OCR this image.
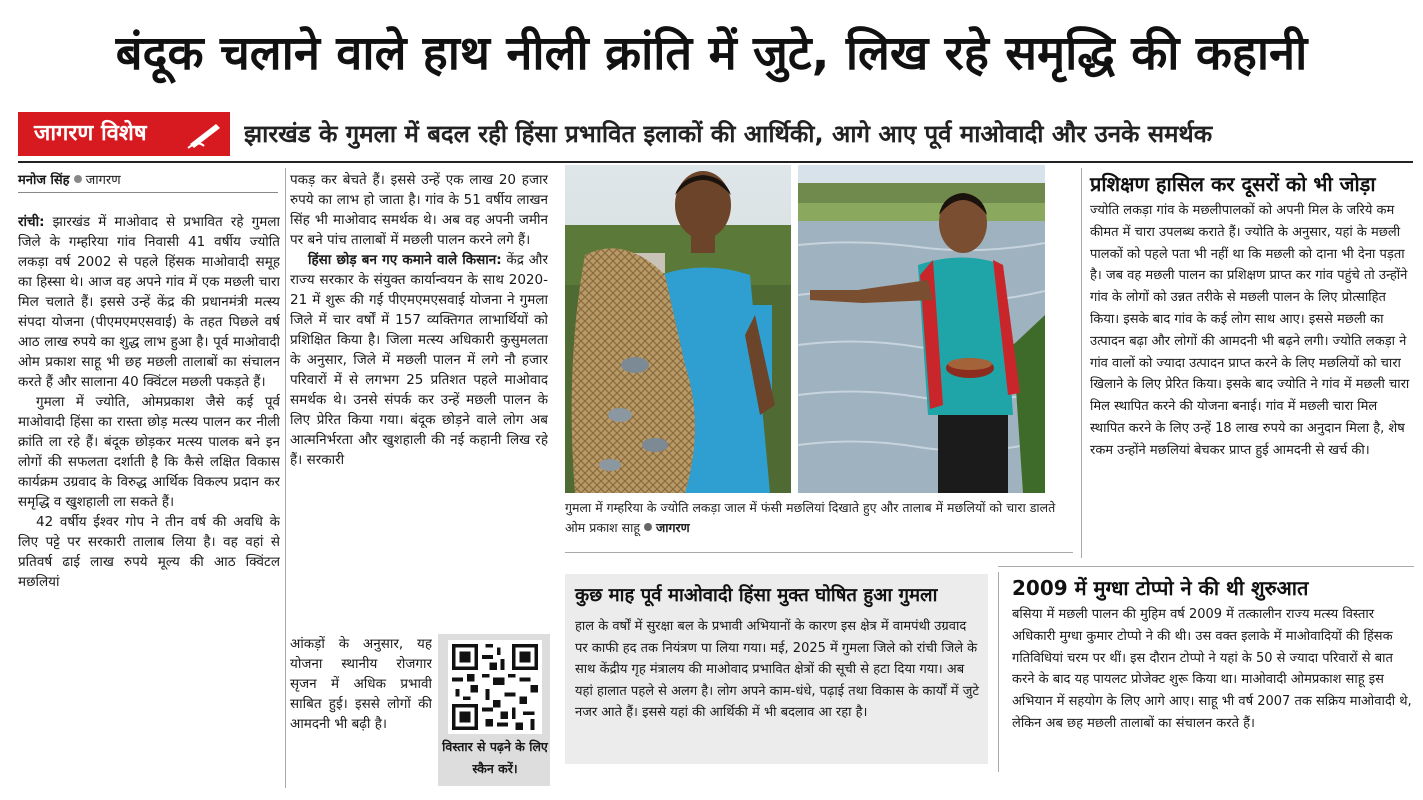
बंदूक चलाने वाले हाथ नीली क्रांति में जुटे, लिख रहे समृद्धि की कहानी
जागरण विशेष	झारखंड के गुमला में बदल रही हिंसा प्रभावित इलाकों की आर्थिकी, आगे आए पूर्व माओवादी और उनके समर्थक
मनोज सिंह जागरण

रांची: झारखंड में माओवाद से प्रभावित रहे गुमला जिले के गम्हरिया गांव निवासी 41 वर्षीय ज्योति लकड़ा वर्ष 2002 से पहले हिंसक माओवादी समूह का हिस्सा थे। आज वह अपने गांव में एक मछली चारा मिल चलाते हैं। इससे उन्हें केंद्र की प्रधानमंत्री मत्स्य संपदा योजना (पीएमएमएसवाई) के तहत पिछले वर्ष आठ लाख रुपये का शुद्ध लाभ हुआ है। पूर्व माओवादी ओम प्रकाश साहू भी छह मछली तालाबों का संचालन करते हैं और सालाना 40 क्विंटल मछली पकड़ते हैं।

गुमला में ज्योति, ओमप्रकाश जैसे कई पूर्व माओवादी हिंसा का रास्ता छोड़ मत्स्य पालन कर नीली क्रांति ला रहे हैं। बंदूक छोड़कर मत्स्य पालक बने इन लोगों की सफलता दर्शाती है कि कैसे लक्षित विकास कार्यक्रम उग्रवाद के विरुद्ध आर्थिक विकल्प प्रदान कर समृद्धि व खुशहाली ला सकते हैं।

42 वर्षीय ईश्वर गोप ने तीन वर्ष की अवधि के लिए पट्टे पर सरकारी तालाब लिया है। वह वहां से प्रतिवर्ष ढाई लाख रुपये मूल्य की आठ क्विंटल मछलियां

पकड़ कर बेचते हैं। इससे उन्हें एक लाख 20 हजार रुपये का लाभ हो जाता है। गांव के 51 वर्षीय लाखन सिंह भी माओवाद समर्थक थे। अब वह अपनी जमीन पर बने पांच तालाबों में मछली पालन करने लगे हैं।

हिंसा छोड़ बन गए कमाने वाले किसान: केंद्र और राज्य सरकार के संयुक्त कार्यान्वयन के साथ 2020-21 में शुरू की गई पीएमएमएसवाई योजना ने गुमला जिले में चार वर्षों में 157 व्यक्तिगत लाभार्थियों को प्रशिक्षित किया है। जिला मत्स्य अधिकारी कुसुमलता के अनुसार, जिले में मछली पालन में लगे नौ हजार परिवारों में से लगभग 25 प्रतिशत पहले माओवाद समर्थक थे। उनसे संपर्क कर उन्हें मछली पालन के लिए प्रेरित किया गया। बंदूक छोड़ने वाले लोग अब आत्मनिर्भरता और खुशहाली की नई कहानी लिख रहे हैं। सरकारी

आंकड़ों के अनुसार, यह योजना स्थानीय रोजगार सृजन में अधिक प्रभावी साबित हुई। इससे लोगों की आमदनी भी बढ़ी है।

विस्तार से पढ़ने के लिए स्कैन करें।
गुमला में गम्हरिया के ज्योति लकड़ा जाल में फंसी मछलियां दिखाते हुए और तालाब में मछलियों को चारा डालते ओम प्रकाश साहू जागरण
कुछ माह पूर्व माओवादी हिंसा मुक्त घोषित हुआ गुमला
हाल के वर्षों में सुरक्षा बल के प्रभावी अभियानों के कारण इस क्षेत्र में वामपंथी उग्रवाद पर काफी हद तक नियंत्रण पा लिया गया। मई, 2025 में गुमला जिले को रांची जिले के साथ केंद्रीय गृह मंत्रालय की माओवाद प्रभावित क्षेत्रों की सूची से हटा दिया गया। अब यहां हालात पहले से अलग है। लोग अपने काम-धंधे, पढ़ाई तथा विकास के कार्यों में जुटे नजर आते हैं। इससे यहां की आर्थिकी में भी बदलाव आ रहा है।
प्रशिक्षण हासिल कर दूसरों को भी जोड़ा
ज्योति लकड़ा गांव के मछलीपालकों को अपनी मिल के जरिये कम कीमत में चारा उपलब्ध कराते हैं। ज्योति के अनुसार, यहां के मछली पालकों को पहले पता भी नहीं था कि मछली को दाना भी देना पड़ता है। जब वह मछली पालन का प्रशिक्षण प्राप्त कर गांव पहुंचे तो उन्होंने गांव के लोगों को उन्नत तरीके से मछली पालन के लिए प्रोत्साहित किया। इसके बाद गांव के कई लोग साथ आए। इससे मछली का उत्पादन बढ़ा और लोगों की आमदनी भी बढ़ने लगी। ज्योति लकड़ा ने गांव वालों को ज्यादा उत्पादन प्राप्त करने के लिए मछलियों को चारा खिलाने के लिए प्रेरित किया। इसके बाद ज्योति ने गांव में मछली चारा मिल स्थापित करने की योजना बनाई। गांव में मछली चारा मिल स्थापित करने के लिए उन्हें 18 लाख रुपये का अनुदान मिला है, शेष रकम उन्होंने मछलियां बेचकर प्राप्त हुई आमदनी से खर्च की।
2009 में मुग्धा टोप्पो ने की थी शुरुआत
बसिया में मछली पालन की मुहिम वर्ष 2009 में तत्कालीन राज्य मत्स्य विस्तार अधिकारी मुग्धा कुमार टोप्पो ने की थी। उस वक्त इलाके में माओवादियों की हिंसक गतिविधियां चरम पर थीं। इस दौरान टोप्पो ने यहां के 50 से ज्यादा परिवारों से बात करने के बाद यह पायलट प्रोजेक्ट शुरू किया था। माओवादी ओमप्रकाश साहू इस अभियान में सहयोग के लिए आगे आए। साहू भी वर्ष 2007 तक सक्रिय माओवादी थे, लेकिन अब छह मछली तालाबों का संचालन करते हैं।
